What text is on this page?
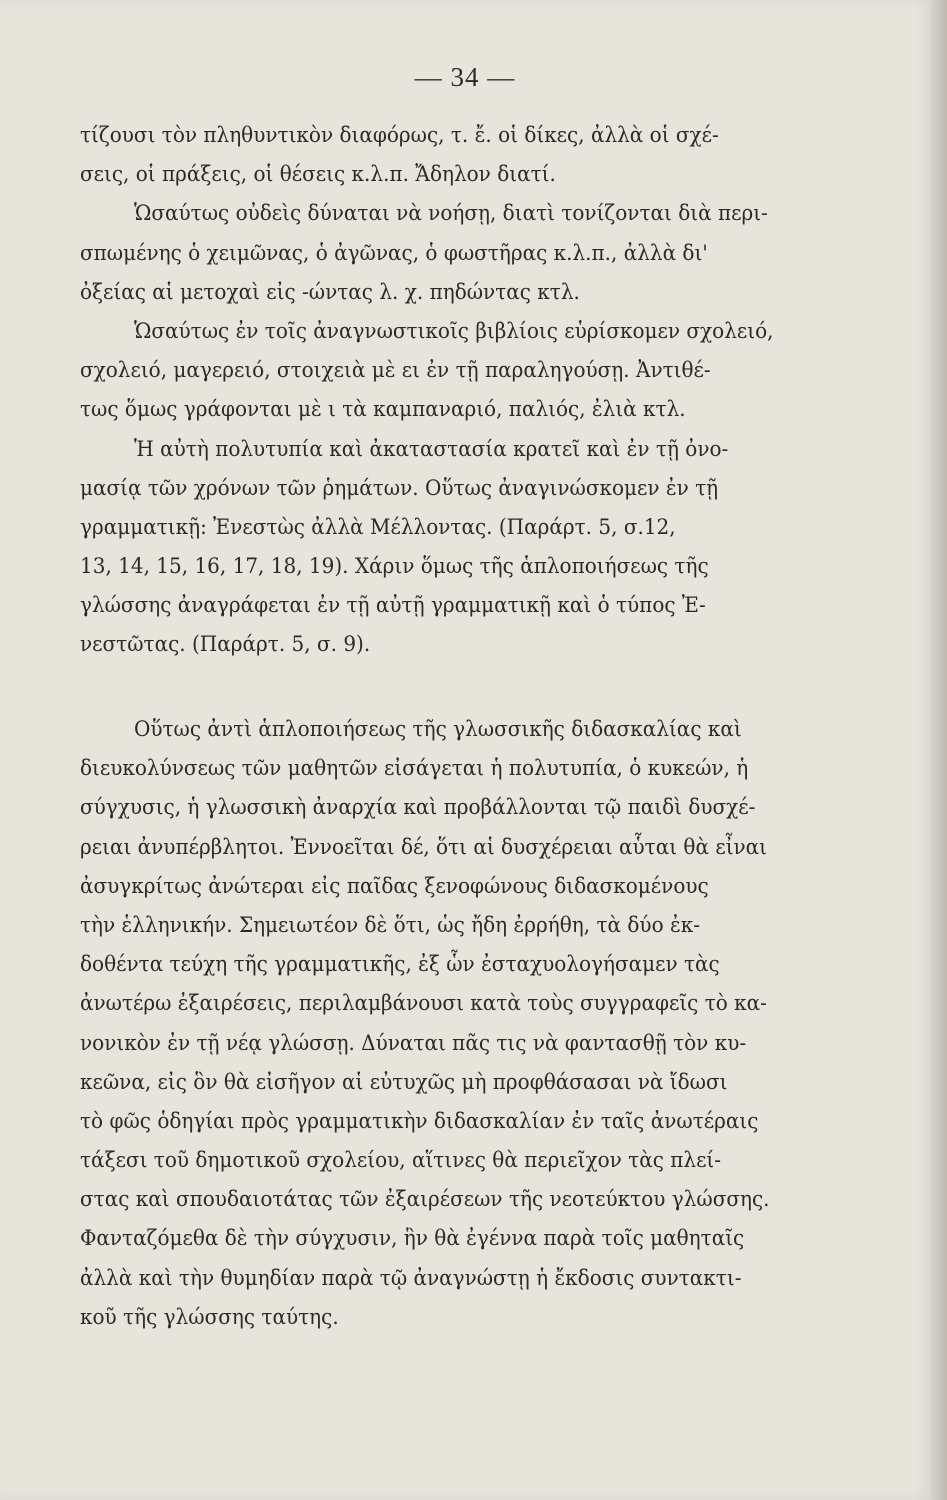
— 34 —
τίζουσι τὸν πληθυντικὸν διαφόρως, τ. ἔ. οἱ δίκες, ἀλλὰ οἱ σχέ-
σεις, οἱ πράξεις, οἱ θέσεις κ.λ.π. Ἄδηλον διατί.
Ὡσαύτως οὐδεὶς δύναται νὰ νοήσῃ, διατὶ τονίζονται διὰ περι-
σπωμένης ὁ χειμῶνας, ὁ ἀγῶνας, ὁ φωστῆρας κ.λ.π., ἀλλὰ δι'
ὀξείας αἱ μετοχαὶ εἰς -ώντας λ. χ. πηδώντας κτλ.
Ὡσαύτως ἐν τοῖς ἀναγνωστικοῖς βιβλίοις εὑρίσκομεν σχολειό,
σχολειό, μαγερειό, στοιχειὰ μὲ ει ἐν τῇ παραληγούσῃ. Ἀντιθέ-
τως ὅμως γράφονται μὲ ι τὰ καμπαναριό, παλιός, ἐλιὰ κτλ.
Ἡ αὐτὴ πολυτυπία καὶ ἀκαταστασία κρατεῖ καὶ ἐν τῇ ὀνο-
μασίᾳ τῶν χρόνων τῶν ῥημάτων. Οὕτως ἀναγινώσκομεν ἐν τῇ
γραμματικῇ: Ἐνεστὼς ἀλλὰ Μέλλοντας. (Παράρτ. 5, σ.12,
13, 14, 15, 16, 17, 18, 19). Χάριν ὅμως τῆς ἁπλοποιήσεως τῆς
γλώσσης ἀναγράφεται ἐν τῇ αὐτῇ γραμματικῇ καὶ ὁ τύπος Ἐ-
νεστῶτας. (Παράρτ. 5, σ. 9).
Οὕτως ἀντὶ ἁπλοποιήσεως τῆς γλωσσικῆς διδασκαλίας καὶ
διευκολύνσεως τῶν μαθητῶν εἰσάγεται ἡ πολυτυπία, ὁ κυκεών, ἡ
σύγχυσις, ἡ γλωσσικὴ ἀναρχία καὶ προβάλλονται τῷ παιδὶ δυσχέ-
ρειαι ἀνυπέρβλητοι. Ἐννοεῖται δέ, ὅτι αἱ δυσχέρειαι αὗται θὰ εἶναι
ἀσυγκρίτως ἀνώτεραι εἰς παῖδας ξενοφώνους διδασκομένους
τὴν ἑλληνικήν. Σημειωτέον δὲ ὅτι, ὡς ἤδη ἐρρήθη, τὰ δύο ἐκ-
δοθέντα τεύχη τῆς γραμματικῆς, ἐξ ὧν ἐσταχυολογήσαμεν τὰς
ἀνωτέρω ἐξαιρέσεις, περιλαμβάνουσι κατὰ τοὺς συγγραφεῖς τὸ κα-
νονικὸν ἐν τῇ νέᾳ γλώσσῃ. Δύναται πᾶς τις νὰ φαντασθῇ τὸν κυ-
κεῶνα, εἰς ὃν θὰ εἰσῆγον αἱ εὐτυχῶς μὴ προφθάσασαι νὰ ἴδωσι
τὸ φῶς ὁδηγίαι πρὸς γραμματικὴν διδασκαλίαν ἐν ταῖς ἀνωτέραις
τάξεσι τοῦ δημοτικοῦ σχολείου, αἵτινες θὰ περιεῖχον τὰς πλεί-
στας καὶ σπουδαιοτάτας τῶν ἐξαιρέσεων τῆς νεοτεύκτου γλώσσης.
Φανταζόμεθα δὲ τὴν σύγχυσιν, ἣν θὰ ἐγέννα παρὰ τοῖς μαθηταῖς
ἀλλὰ καὶ τὴν θυμηδίαν παρὰ τῷ ἀναγνώστῃ ἡ ἔκδοσις συντακτι-
κοῦ τῆς γλώσσης ταύτης.
